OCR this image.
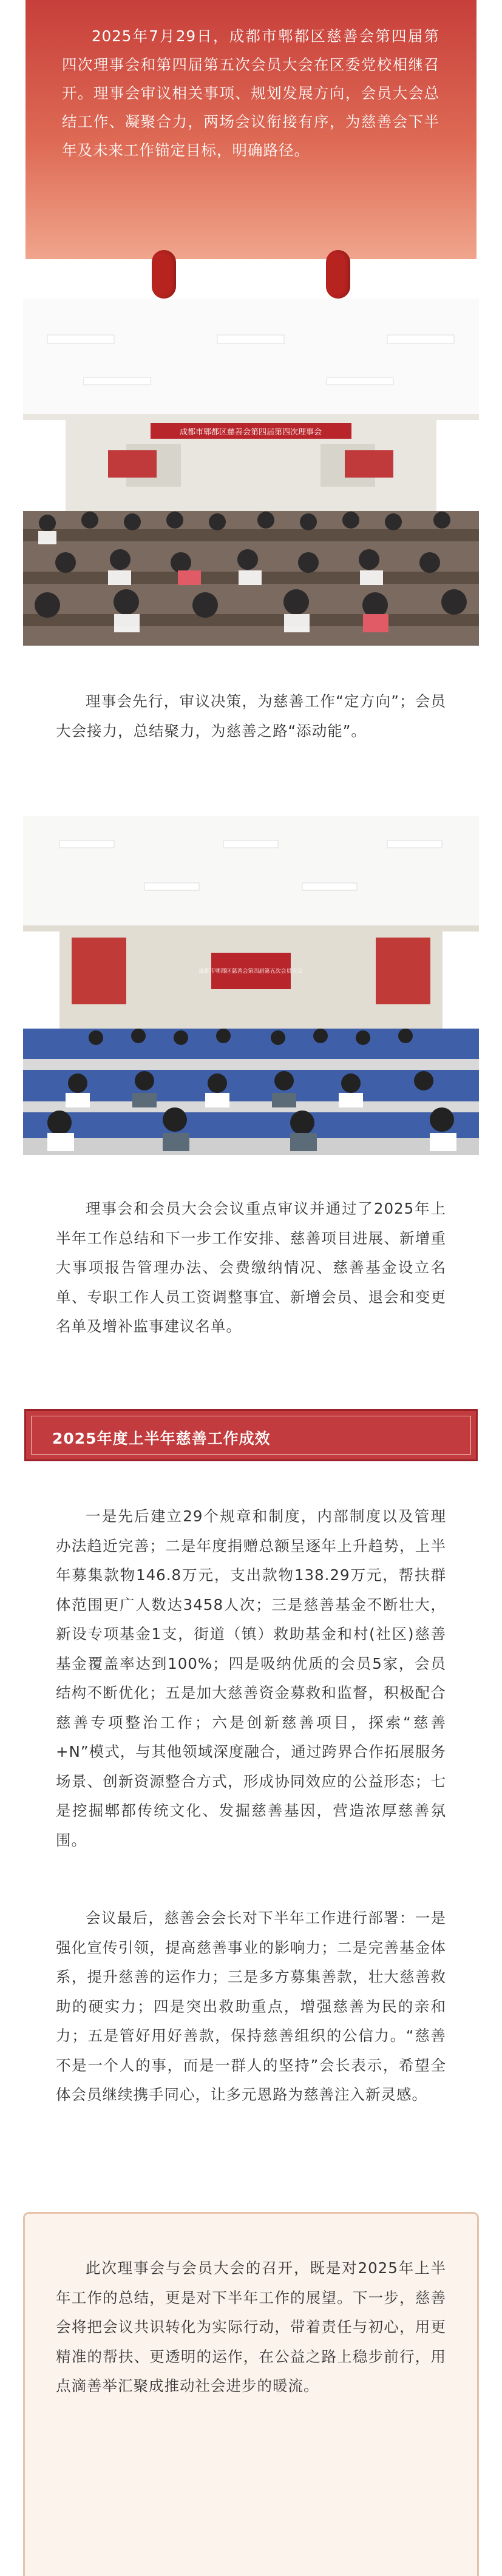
2025年7月29日，成都市郫都区慈善会第四届第四次理事会和第四届第五次会员大会在区委党校相继召开。理事会审议相关事项、规划发展方向，会员大会总结工作、凝聚合力，两场会议衔接有序，为慈善会下半年及未来工作锚定目标，明确路径。

成都市郫都区慈善会第四届第四次理事会

理事会先行，审议决策，为慈善工作“定方向”；会员大会接力，总结聚力，为慈善之路“添动能”。

成都市郫都区慈善会第四届第五次会员大会

理事会和会员大会会议重点审议并通过了2025年上半年工作总结和下一步工作安排、慈善项目进展、新增重大事项报告管理办法、会费缴纳情况、慈善基金设立名单、专职工作人员工资调整事宜、新增会员、退会和变更名单及增补监事建议名单。

2025年度上半年慈善工作成效

一是先后建立29个规章和制度，内部制度以及管理办法趋近完善；二是年度捐赠总额呈逐年上升趋势，上半年募集款物146.8万元，支出款物138.29万元，帮扶群体范围更广人数达3458人次；三是慈善基金不断壮大，新设专项基金1支，街道（镇）救助基金和村(社区)慈善基金覆盖率达到100%；四是吸纳优质的会员5家，会员结构不断优化；五是加大慈善资金募救和监督，积极配合慈善专项整治工作；六是创新慈善项目，探索“慈善+N”模式，与其他领域深度融合，通过跨界合作拓展服务场景、创新资源整合方式，形成协同效应的公益形态；七是挖掘郫都传统文化、发掘慈善基因，营造浓厚慈善氛围。

会议最后，慈善会会长对下半年工作进行部署：一是强化宣传引领，提高慈善事业的影响力；二是完善基金体系，提升慈善的运作力；三是多方募集善款，壮大慈善救助的硬实力；四是突出救助重点，增强慈善为民的亲和力；五是管好用好善款，保持慈善组织的公信力。“慈善不是一个人的事，而是一群人的坚持”会长表示，希望全体会员继续携手同心，让多元恩路为慈善注入新灵感。

此次理事会与会员大会的召开，既是对2025年上半年工作的总结，更是对下半年工作的展望。下一步，慈善会将把会议共识转化为实际行动，带着责任与初心，用更精准的帮扶、更透明的运作，在公益之路上稳步前行，用点滴善举汇聚成推动社会进步的暖流。
